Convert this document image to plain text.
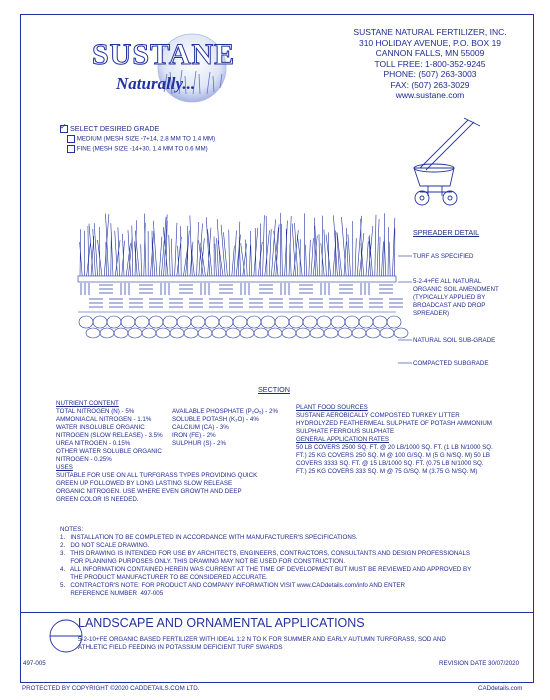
SUSTANE
Naturally...
SUSTANE NATURAL FERTILIZER, INC.
310 HOLIDAY AVENUE, P.O. BOX 19
CANNON FALLS, MN 55009
TOLL FREE: 1-800-352-9245
PHONE: (507) 263-3003
FAX: (507) 263-3029
www.sustane.com
✓ SELECT DESIRED GRADE
MEDIUM (MESH SIZE -7+14, 2.8 MM TO 1.4 MM)
FINE (MESH SIZE -14+30, 1.4 MM TO 0.6 MM)
SPREADER DETAIL
TURF AS SPECIFIED
5-2-4+FE ALL NATURAL
ORGANIC SOIL AMENDMENT
(TYPICALLY APPLIED BY
BROADCAST AND DROP
SPREADER)
NATURAL SOIL SUB-GRADE
COMPACTED SUBGRADE
SECTION
NUTRIENT CONTENT
TOTAL NITROGEN (N) - 5%
AMMONIACAL NITROGEN - 1.1%
WATER INSOLUBLE ORGANIC
NITROGEN (SLOW RELEASE) - 3.5%
UREA NITROGEN - 0.15%
OTHER WATER SOLUBLE ORGANIC
NITROGEN - 0.25%
USES
SUITABLE FOR USE ON ALL TURFGRASS TYPES PROVIDING QUICK
GREEN UP FOLLOWED BY LONG LASTING SLOW RELEASE
ORGANIC NITROGEN. USE WHERE EVEN GROWTH AND DEEP
GREEN COLOR IS NEEDED.
AVAILABLE PHOSPHATE (P₂O₅) - 2%
SOLUBLE POTASH (K₂O) - 4%
CALCIUM (CA) - 3%
IRON (FE) - 2%
SULPHUR (S) - 2%
PLANT FOOD SOURCES
SUSTANE AEROBICALLY COMPOSTED TURKEY LITTER
HYDROLYZED FEATHERMEAL SULPHATE OF POTASH AMMONIUM
SULPHATE FERROUS SULPHATE
GENERAL APPLICATION RATES
50 LB COVERS 2500 SQ. FT. @ 20 LB/1000 SQ. FT. (1 LB N/1000 SQ.
FT.) 25 KG COVERS 250 SQ. M @ 100 G/SQ. M (5 G N/SQ. M) 50 LB
COVERS 3333 SQ. FT. @ 15 LB/1000 SQ. FT. (0.75 LB N/1000 SQ.
FT.) 25 KG COVERS 333 SQ. M @ 75 G/SQ. M (3.75 G N/SQ. M)
NOTES:
1.   INSTALLATION TO BE COMPLETED IN ACCORDANCE WITH MANUFACTURER'S SPECIFICATIONS.
2.   DO NOT SCALE DRAWING.
3.   THIS DRAWING IS INTENDED FOR USE BY ARCHITECTS, ENGINEERS, CONTRACTORS, CONSULTANTS AND DESIGN PROFESSIONALS
FOR PLANNING PURPOSES ONLY. THIS DRAWING MAY NOT BE USED FOR CONSTRUCTION.
4.   ALL INFORMATION CONTAINED HEREIN WAS CURRENT AT THE TIME OF DEVELOPMENT BUT MUST BE REVIEWED AND APPROVED BY
THE PRODUCT MANUFACTURER TO BE CONSIDERED ACCURATE.
5.   CONTRACTOR'S NOTE: FOR PRODUCT AND COMPANY INFORMATION VISIT www.CADdetails.com/info AND ENTER
REFERENCE NUMBER  497-005
LANDSCAPE AND ORNAMENTAL APPLICATIONS
5-2-10+FE ORGANIC BASED FERTILIZER WITH IDEAL 1:2 N TO K FOR SUMMER AND EARLY AUTUMN TURFGRASS, SOD AND
ATHLETIC FIELD FEEDING IN POTASSIUM DEFICIENT TURF SWARDS
497-005	REVISION DATE 30/07/2020
PROTECTED BY COPYRIGHT ©2020 CADDETAILS.COM LTD.	CADdetails.com
